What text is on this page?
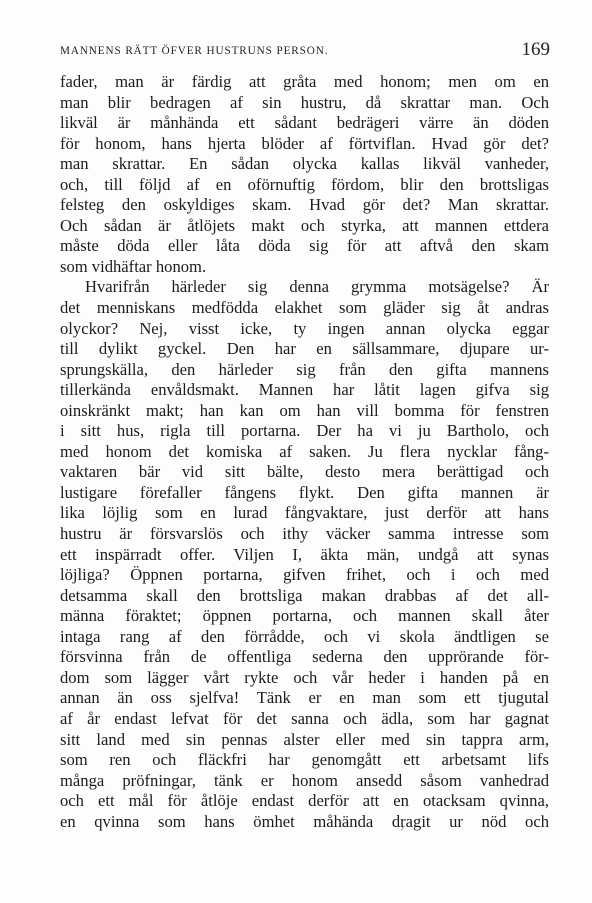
MANNENS RÄTT ÖFVER HUSTRUNS PERSON.	169
fader, man är färdig att gråta med honom; men om en
man blir bedragen af sin hustru, då skrattar man. Och
likväl är månhända ett sådant bedrägeri värre än döden
för honom, hans hjerta blöder af förtviflan. Hvad gör det?
man skrattar. En sådan olycka kallas likväl vanheder,
och, till följd af en oförnuftig fördom, blir den brottsligas
felsteg den oskyldiges skam. Hvad gör det? Man skrattar.
Och sådan är åtlöjets makt och styrka, att mannen ettdera
måste döda eller låta döda sig för att aftvå den skam
som vidhäftar honom.
Hvarifrån härleder sig denna grymma motsägelse? Är
det menniskans medfödda elakhet som gläder sig åt andras
olyckor? Nej, visst icke, ty ingen annan olycka eggar
till dylikt gyckel. Den har en sällsammare, djupare ur-
sprungskälla, den härleder sig från den gifta mannens
tillerkända envåldsmakt. Mannen har låtit lagen gifva sig
oinskränkt makt; han kan om han vill bomma för fenstren
i sitt hus, rigla till portarna. Der ha vi ju Bartholo, och
med honom det komiska af saken. Ju flera nycklar fång-
vaktaren bär vid sitt bälte, desto mera berättigad och
lustigare förefaller fångens flykt. Den gifta mannen är
lika löjlig som en lurad fångvaktare, just derför att hans
hustru är försvarslös och ithy väcker samma intresse som
ett inspärradt offer. Viljen I, äkta män, undgå att synas
löjliga? Öppnen portarna, gifven frihet, och i och med
detsamma skall den brottsliga makan drabbas af det all-
männa föraktet; öppnen portarna, och mannen skall åter
intaga rang af den förrådde, och vi skola ändtligen se
försvinna från de offentliga sederna den upprörande för-
dom som lägger vårt rykte och vår heder i handen på en
annan än oss sjelfva! Tänk er en man som ett tjugutal
af år endast lefvat för det sanna och ädla, som har gagnat
sitt land med sin pennas alster eller med sin tappra arm,
som ren och fläckfri har genomgått ett arbetsamt lifs
många pröfningar, tänk er honom ansedd såsom vanhedrad
och ett mål för åtlöje endast derför att en otacksam qvinna,
en qvinna som hans ömhet måhända dragit ur nöd och
